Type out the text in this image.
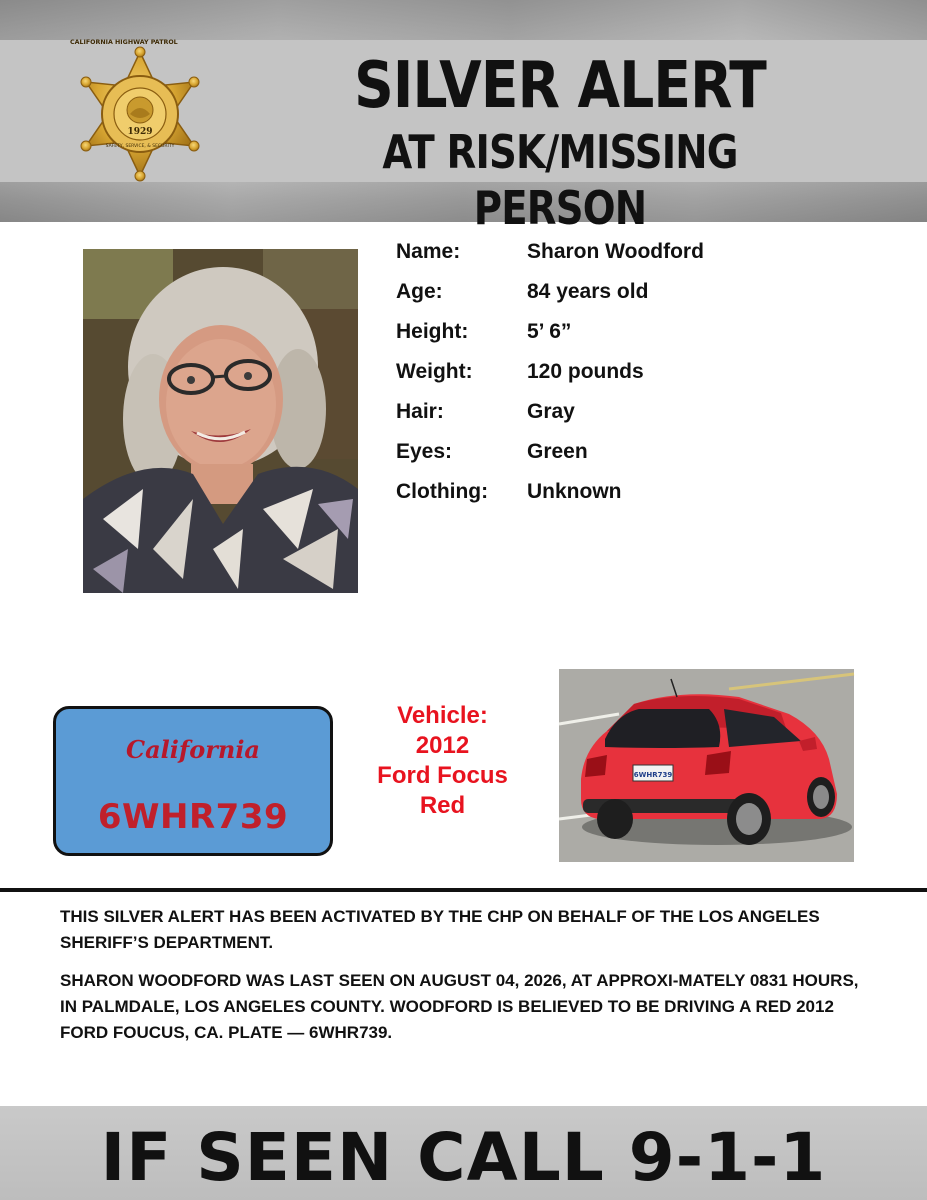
CALIFORNIA HIGHWAY PATROL
1929
SAFETY, SERVICE, & SECURITY
SILVER ALERT
AT RISK/MISSING PERSON
Name:	Sharon Woodford
Age:	84 years old
Height:	5’ 6”
Weight:	120 pounds
Hair:	Gray
Eyes:	Green
Clothing:	Unknown
California
6WHR739
Vehicle:
2012
Ford Focus
Red
6WHR739

THIS SILVER ALERT HAS BEEN ACTIVATED BY THE CHP ON BEHALF OF THE LOS ANGELES SHERIFF’S DEPARTMENT.

SHARON WOODFORD WAS LAST SEEN ON AUGUST 04, 2026, AT APPROXI-MATELY 0831 HOURS, IN PALMDALE, LOS ANGELES COUNTY. WOODFORD IS BELIEVED TO BE DRIVING A RED 2012 FORD FOUCUS, CA. PLATE — 6WHR739.

IF SEEN CALL 9-1-1
